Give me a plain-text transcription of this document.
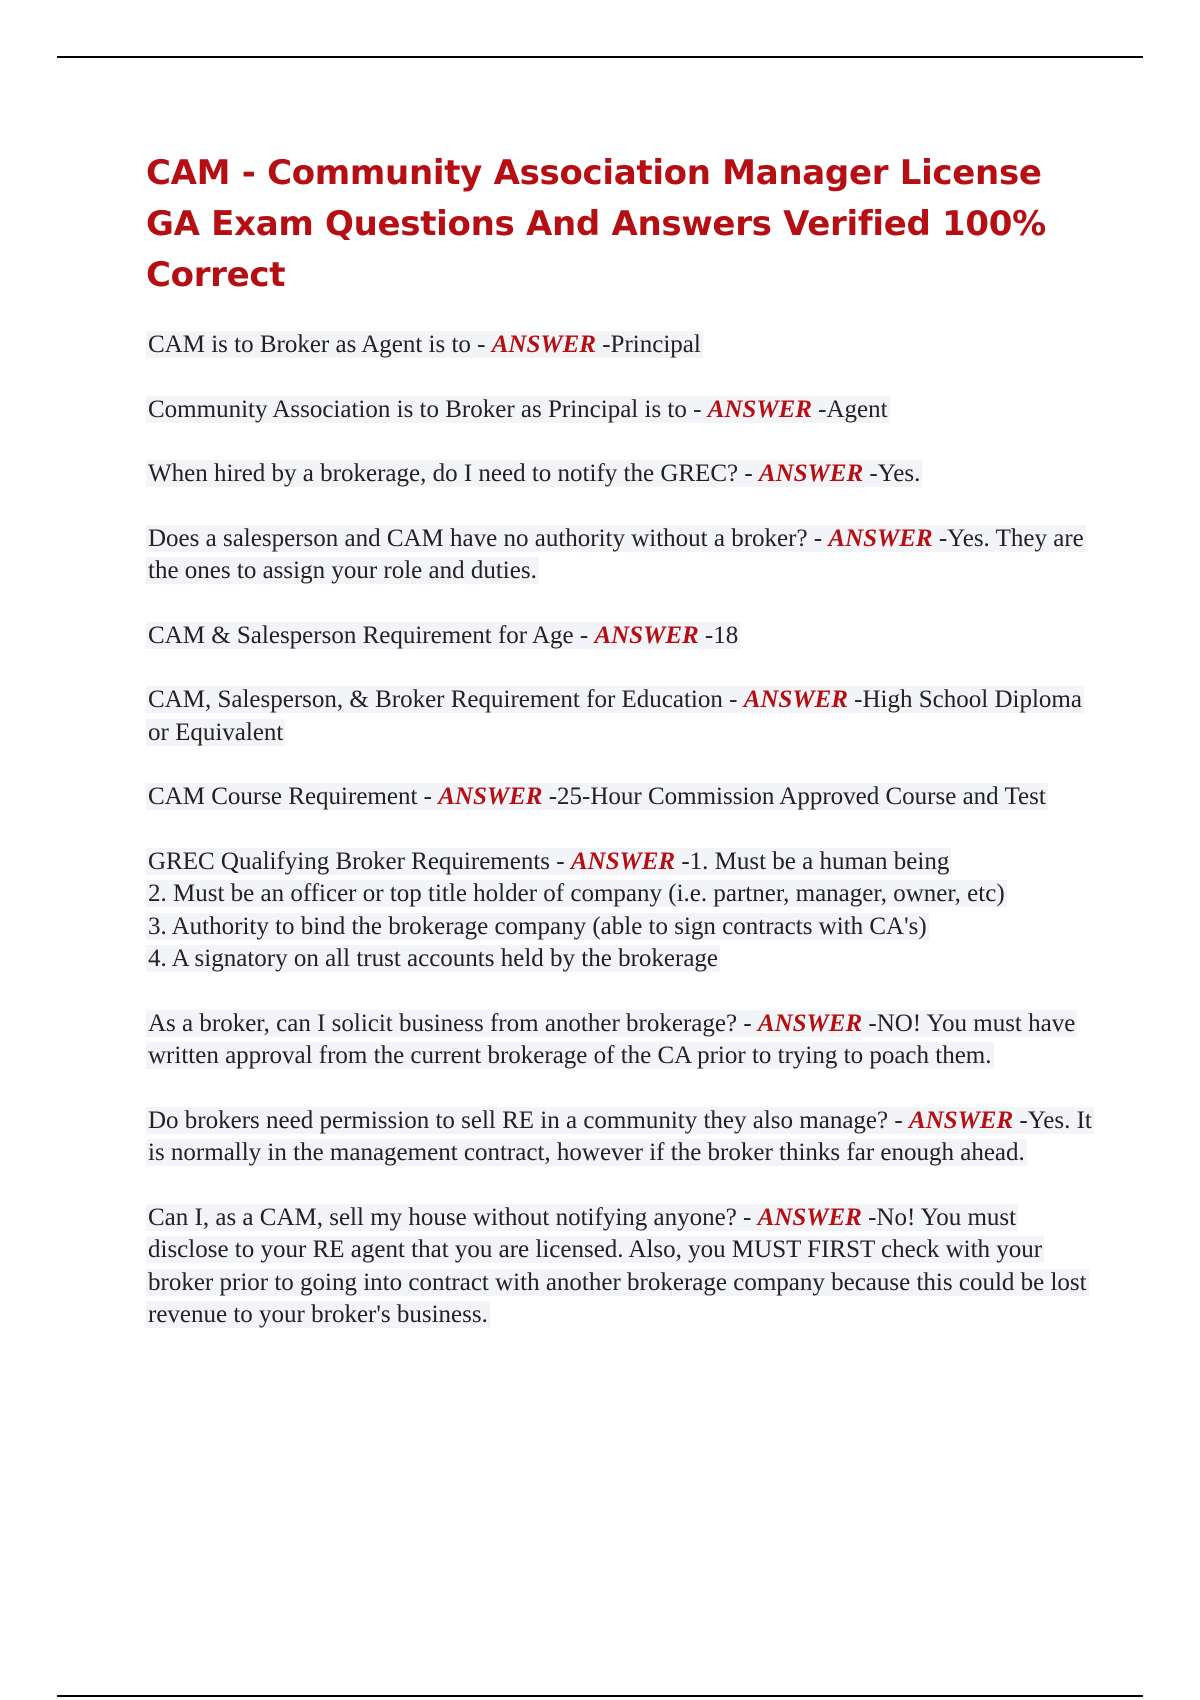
CAM - Community Association Manager License GA Exam Questions And Answers Verified 100% Correct

CAM is to Broker as Agent is to - ANSWER -Principal

Community Association is to Broker as Principal is to - ANSWER -Agent

When hired by a brokerage, do I need to notify the GREC? - ANSWER -Yes.

Does a salesperson and CAM have no authority without a broker? - ANSWER -Yes. They are the ones to assign your role and duties.

CAM & Salesperson Requirement for Age - ANSWER -18

CAM, Salesperson, & Broker Requirement for Education - ANSWER -High School Diploma or Equivalent

CAM Course Requirement - ANSWER -25-Hour Commission Approved Course and Test

GREC Qualifying Broker Requirements - ANSWER -1. Must be a human being
2. Must be an officer or top title holder of company (i.e. partner, manager, owner, etc)
3. Authority to bind the brokerage company (able to sign contracts with CA's)
4. A signatory on all trust accounts held by the brokerage

As a broker, can I solicit business from another brokerage? - ANSWER -NO! You must have written approval from the current brokerage of the CA prior to trying to poach them.

Do brokers need permission to sell RE in a community they also manage? - ANSWER -Yes. It is normally in the management contract, however if the broker thinks far enough ahead.

Can I, as a CAM, sell my house without notifying anyone? - ANSWER -No! You must disclose to your RE agent that you are licensed. Also, you MUST FIRST check with your broker prior to going into contract with another brokerage company because this could be lost revenue to your broker's business.
